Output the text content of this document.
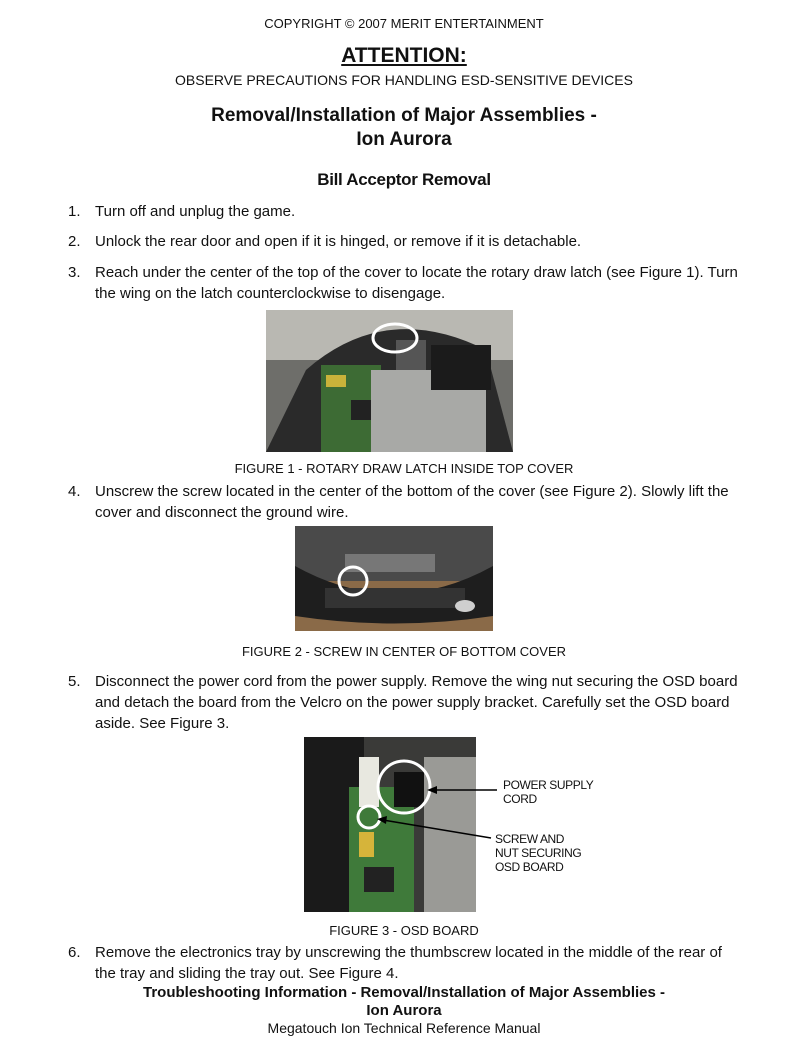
COPYRIGHT © 2007 MERIT ENTERTAINMENT
ATTENTION:
OBSERVE PRECAUTIONS FOR HANDLING ESD-SENSITIVE DEVICES
Removal/Installation of Major Assemblies -
Ion Aurora
Bill Acceptor Removal
1. Turn off and unplug the game.
2. Unlock the rear door and open if it is hinged, or remove if it is detachable.
3. Reach under the center of the top of the cover to locate the rotary draw latch (see Figure 1). Turn the wing on the latch counterclockwise to disengage.
FIGURE 1 - ROTARY DRAW LATCH INSIDE TOP COVER
4. Unscrew the screw located in the center of the bottom of the cover (see Figure 2). Slowly lift the cover and disconnect the ground wire.
FIGURE 2 - SCREW IN CENTER OF BOTTOM COVER
5. Disconnect the power cord from the power supply. Remove the wing nut securing the OSD board and detach the board from the Velcro on the power supply bracket. Carefully set the OSD board aside. See Figure 3.
POWER SUPPLY
CORD
SCREW AND
NUT SECURING
OSD BOARD
FIGURE 3 - OSD BOARD
6. Remove the electronics tray by unscrewing the thumbscrew located in the middle of the rear of the tray and sliding the tray out. See Figure 4.
Troubleshooting Information - Removal/Installation of Major Assemblies -
Ion Aurora
Megatouch Ion Technical Reference Manual
